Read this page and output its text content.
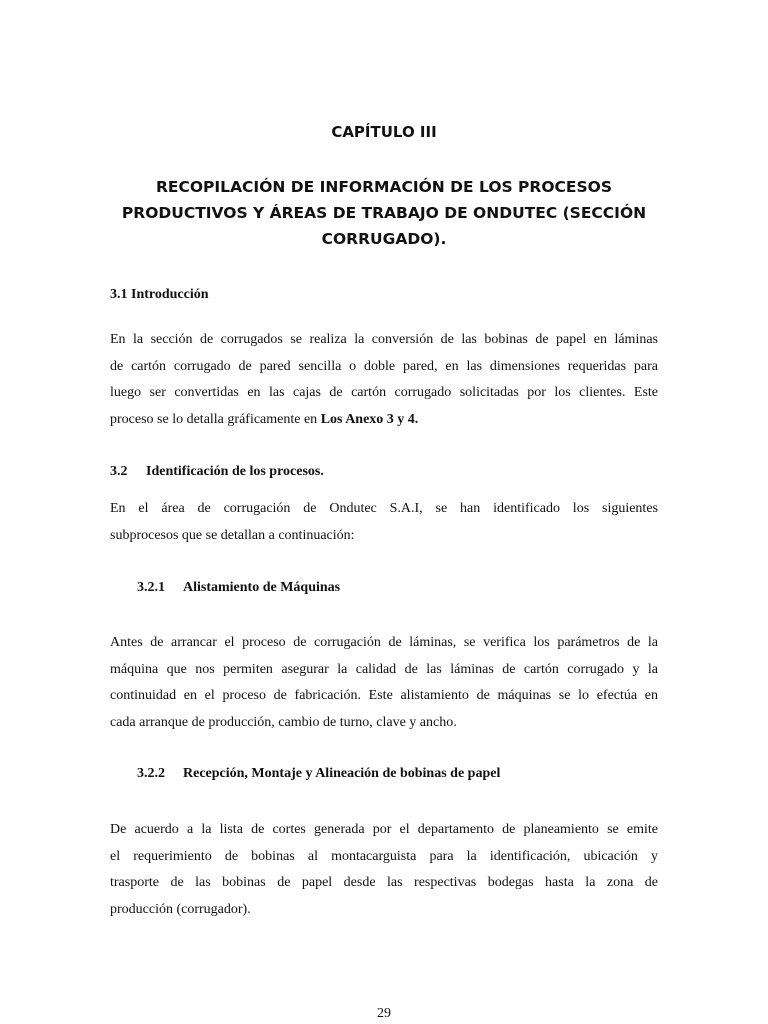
CAPÍTULO III
RECOPILACIÓN DE INFORMACIÓN DE LOS PROCESOS
PRODUCTIVOS Y ÁREAS DE TRABAJO DE ONDUTEC (SECCIÓN
CORRUGADO).
3.1 Introducción
En la sección de corrugados se realiza la conversión de las bobinas de papel en láminas
de cartón corrugado de pared sencilla o doble pared, en las dimensiones requeridas para
luego ser convertidas en las cajas de cartón corrugado solicitadas por los clientes. Este
proceso se lo detalla gráficamente en Los Anexo 3 y 4.
3.2 Identificación de los procesos.
En el área de corrugación de Ondutec S.A.I, se han identificado los siguientes
subprocesos que se detallan a continuación:
3.2.1 Alistamiento de Máquinas
Antes de arrancar el proceso de corrugación de láminas, se verifica los parámetros de la
máquina que nos permiten asegurar la calidad de las láminas de cartón corrugado y la
continuidad en el proceso de fabricación. Este alistamiento de máquinas se lo efectúa en
cada arranque de producción, cambio de turno, clave y ancho.
3.2.2 Recepción, Montaje y Alineación de bobinas de papel
De acuerdo a la lista de cortes generada por el departamento de planeamiento se emite
el requerimiento de bobinas al montacarguista para la identificación, ubicación y
trasporte de las bobinas de papel desde las respectivas bodegas hasta la zona de
producción (corrugador).
29
